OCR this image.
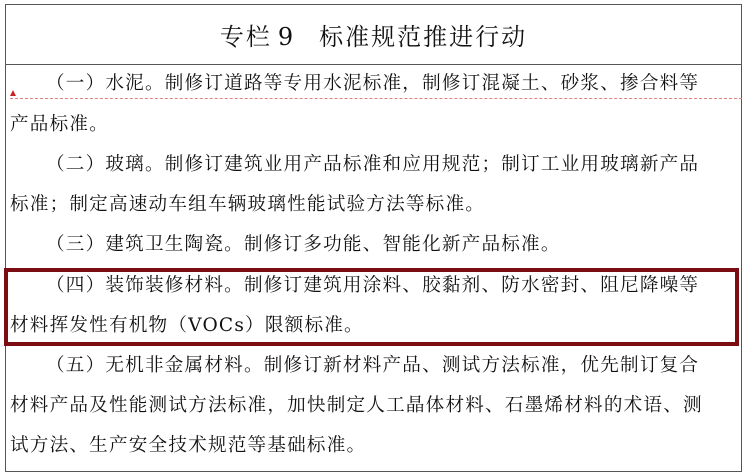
专栏 9 标准规范推进行动
（一）水泥。制修订道路等专用水泥标准，制修订混凝土、砂浆、掺合料等
产品标准。
（二）玻璃。制修订建筑业用产品标准和应用规范；制订工业用玻璃新产品
标准；制定高速动车组车辆玻璃性能试验方法等标准。
（三）建筑卫生陶瓷。制修订多功能、智能化新产品标准。
（四）装饰装修材料。制修订建筑用涂料、胶黏剂、防水密封、阻尼降噪等
材料挥发性有机物（VOCs）限额标准。
（五）无机非金属材料。制修订新材料产品、测试方法标准，优先制订复合
材料产品及性能测试方法标准，加快制定人工晶体材料、石墨烯材料的术语、测
试方法、生产安全技术规范等基础标准。
